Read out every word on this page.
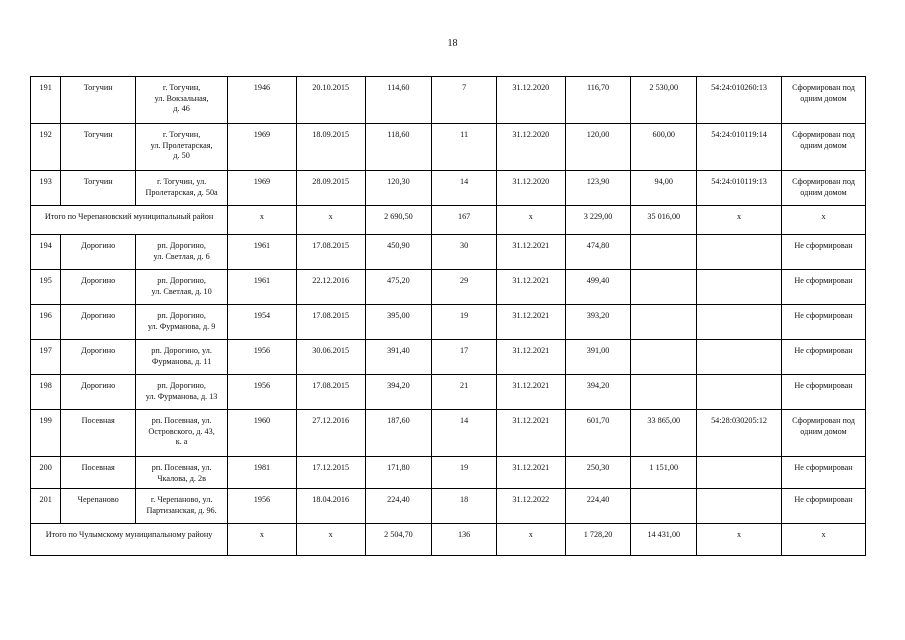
18
191	Тогучин	г. Тогучин,
ул. Вокзальная,
д. 46	1946	20.10.2015	114,60	7	31.12.2020	116,70	2 530,00	54:24:010260:13	Сформирован под одним домом
192	Тогучин	г. Тогучин,
ул. Пролетарская,
д. 50	1969	18.09.2015	118,60	11	31.12.2020	120,00	600,00	54:24:010119:14	Сформирован под одним домом
193	Тогучин	г. Тогучин, ул.
Пролетарская, д. 50а	1969	28.09.2015	120,30	14	31.12.2020	123,90	94,00	54:24:010119:13	Сформирован под одним домом
Итого по Черепановский муниципальный район			x	x	2 690,50	167	x	3 229,00	35 016,00	x	x
194	Дорогино	рп. Дорогино,
ул. Светлая, д. 6	1961	17.08.2015	450,90	30	31.12.2021	474,80			Не сформирован
195	Дорогино	рп. Дорогино,
ул. Светлая, д. 10	1961	22.12.2016	475,20	29	31.12.2021	499,40			Не сформирован
196	Дорогино	рп. Дорогино,
ул. Фурманова, д. 9	1954	17.08.2015	395,00	19	31.12.2021	393,20			Не сформирован
197	Дорогино	рп. Дорогино, ул.
Фурманова, д. 11	1956	30.06.2015	391,40	17	31.12.2021	391,00			Не сформирован
198	Дорогино	рп. Дорогино,
ул. Фурманова, д. 13	1956	17.08.2015	394,20	21	31.12.2021	394,20			Не сформирован
199	Посевная	рп. Посевная, ул.
Островского, д. 43,
к. а	1960	27.12.2016	187,60	14	31.12.2021	601,70	33 865,00	54:28:030205:12	Сформирован под одним домом
200	Посевная	рп. Посевная, ул.
Чкалова, д. 2в	1981	17.12.2015	171,80	19	31.12.2021	250,30	1 151,00		Не сформирован
201	Черепаново	г. Черепаново, ул.
Партизанская, д. 96.	1956	18.04.2016	224,40	18	31.12.2022	224,40			Не сформирован
Итого по Чулымскому муниципальному району			x	x	2 504,70	136	x	1 728,20	14 431,00	x	x
